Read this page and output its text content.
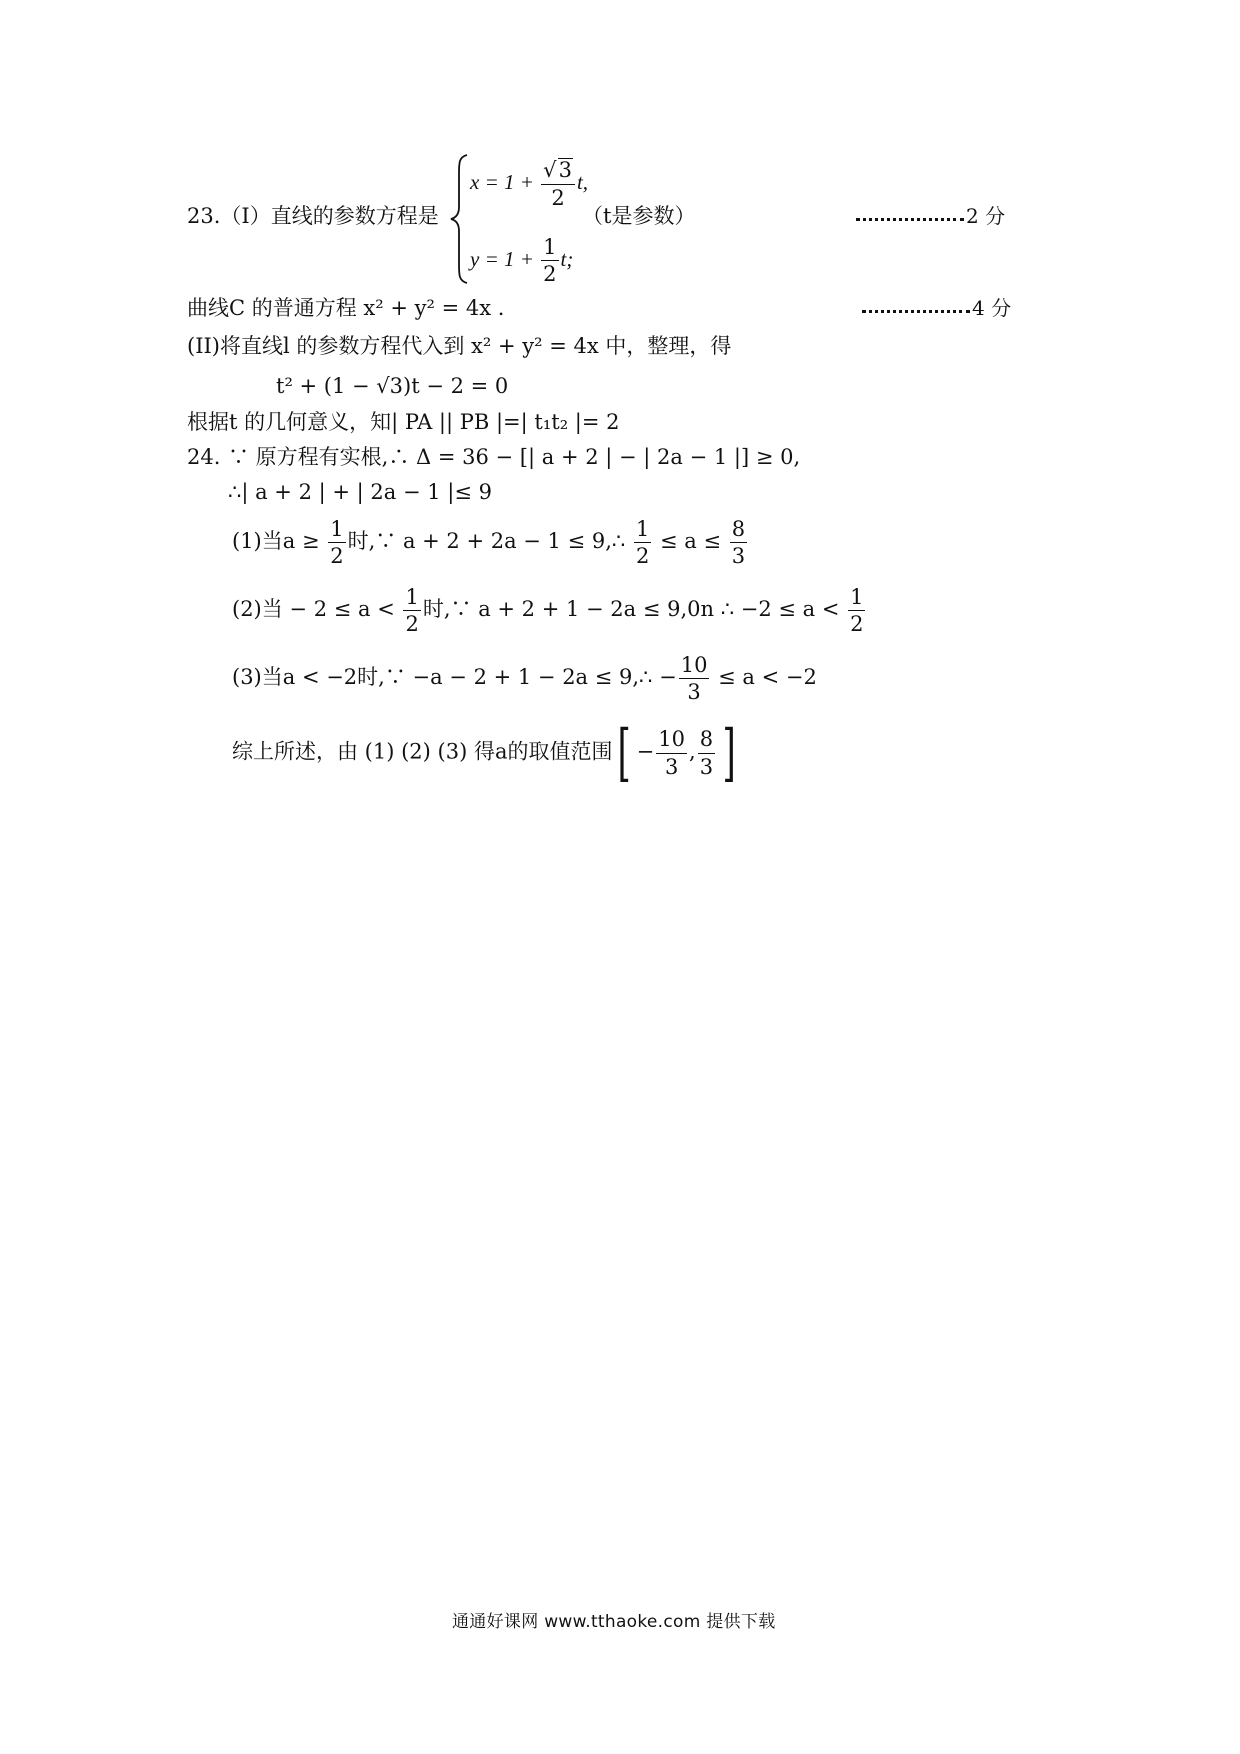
23.（I）直线的参数方程是
$x = 1 + \frac{√3}{2} t$,
（t是参数）
$y = 1 + \frac{1}{2} t$;
2 分
曲线C 的普通方程 x² + y² = 4x .	4 分
(II)将直线l 的参数方程代入到 x² + y² = 4x 中，整理，得
t² + (1 − √3)t − 2 = 0
根据t 的几何意义，知| PA || PB |=| t₁t₂ |= 2
24. ∵ 原方程有实根,∴ Δ = 36 − [| a + 2 | − | 2a − 1 |] ≥ 0,
∴| a + 2 | + | 2a − 1 |≤ 9
(1)当$a \ge \frac{1}{2}$ 时,∵ a + 2 + 2a − 1 ≤ 9,∴ $\frac{1}{2} \le a \le \frac{8}{3}$
(2)当 − $2 \le a < \frac{1}{2}$ 时,∵ a + 2 + 1 − 2a ≤ 9,0n ∴ $-2 \le a < \frac{1}{2}$
(3)当a < −2时,∵ −a − 2 + 1 − 2a ≤ 9,∴ − $\frac{10}{3} \le a < -2$
综上所述，由 (1) (2) (3) 得a的取值范围[ − $\frac{10}{3}$ , $\frac{8}{3}$ ]
通通好课网 www.tthaoke.com 提供下载
